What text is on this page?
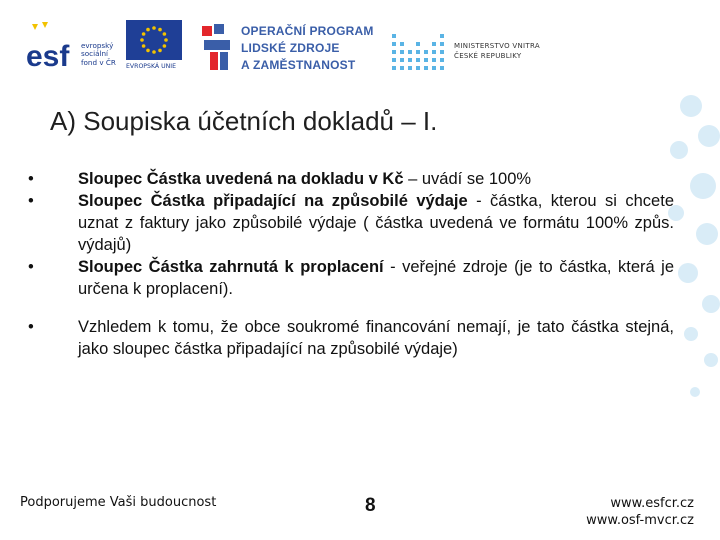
esf evropský
sociální
fond v ČR EVROPSKÁ UNIE
OPERAČNÍ PROGRAM
LIDSKÉ ZDROJE
A ZAMĚSTNANOST
MINISTERSTVO VNITRA
ČESKÉ REPUBLIKY
A) Soupiska účetních dokladů – I.
•	Sloupec Částka uvedená na dokladu v Kč – uvádí se 100%
•	Sloupec Částka připadající na způsobilé výdaje - částka, kterou si chcete uznat z faktury jako způsobilé výdaje ( částka uvedená ve formátu 100% způs. výdajů)
•	Sloupec Částka zahrnutá k proplacení - veřejné zdroje (je to částka, která je určena k proplacení).
•	Vzhledem k tomu, že obce soukromé financování nemají, je tato částka stejná, jako sloupec částka připadající na způsobilé výdaje)
Podporujeme Vaši budoucnost	8	www.esfcr.cz
www.osf-mvcr.cz
